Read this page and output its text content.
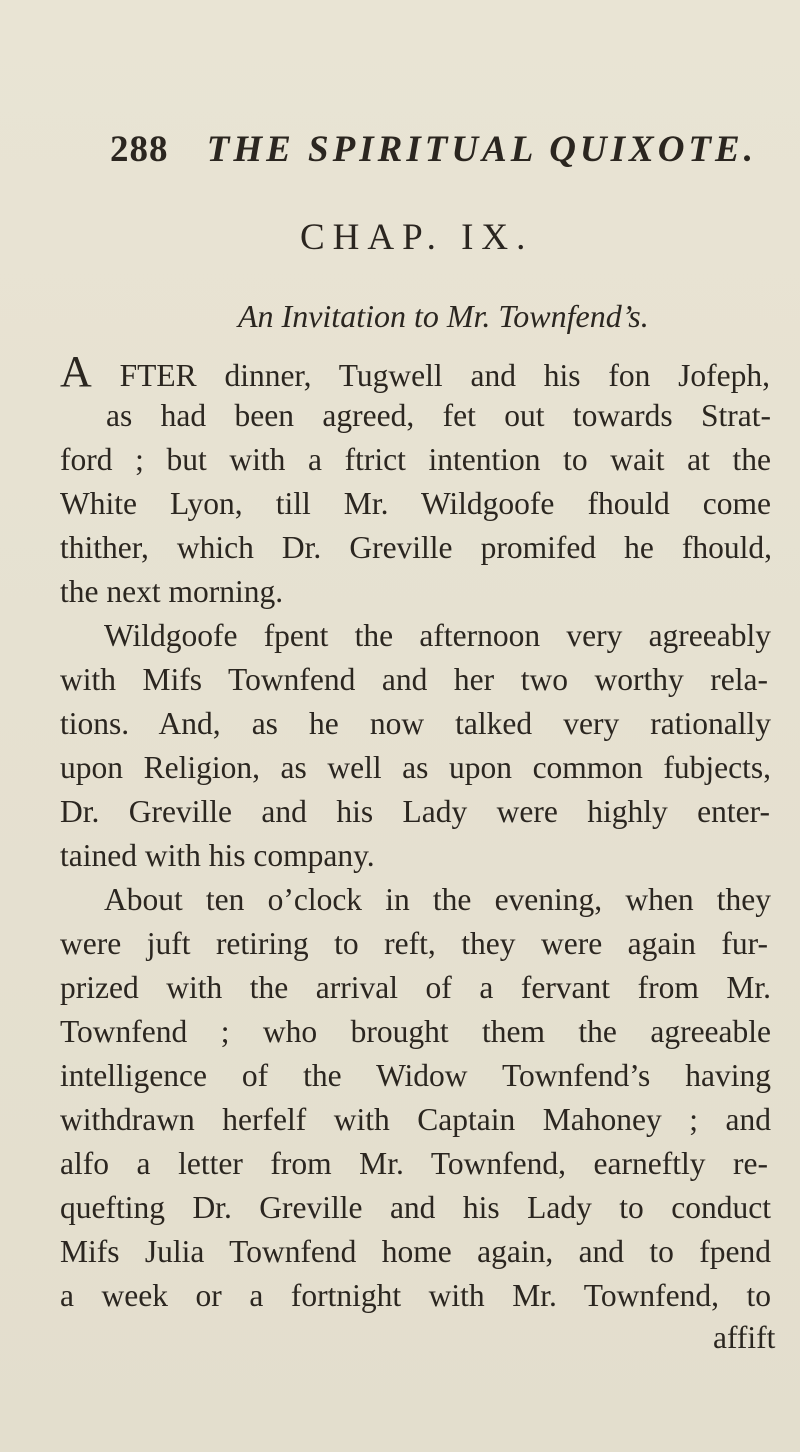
288 THE SPIRITUAL QUIXOTE.
CHAP. IX.
An Invitation to Mr. Townfend’s.
A FTER dinner, Tugwell and his fon Jofeph,
as had been agreed, fet out towards Strat-
ford ; but with a ftrict intention to wait at the
White Lyon, till Mr. Wildgoofe fhould come
thither, which Dr. Greville promifed he fhould,
the next morning.
Wildgoofe fpent the afternoon very agreeably
with Mifs Townfend and her two worthy rela-
tions. And, as he now talked very rationally
upon Religion, as well as upon common fubjects,
Dr. Greville and his Lady were highly enter-
tained with his company.
About ten o’clock in the evening, when they
were juft retiring to reft, they were again fur-
prized with the arrival of a fervant from Mr.
Townfend ; who brought them the agreeable
intelligence of the Widow Townfend’s having
withdrawn herfelf with Captain Mahoney ; and
alfo a letter from Mr. Townfend, earneftly re-
quefting Dr. Greville and his Lady to conduct
Mifs Julia Townfend home again, and to fpend
a week or a fortnight with Mr. Townfend, to
affift
